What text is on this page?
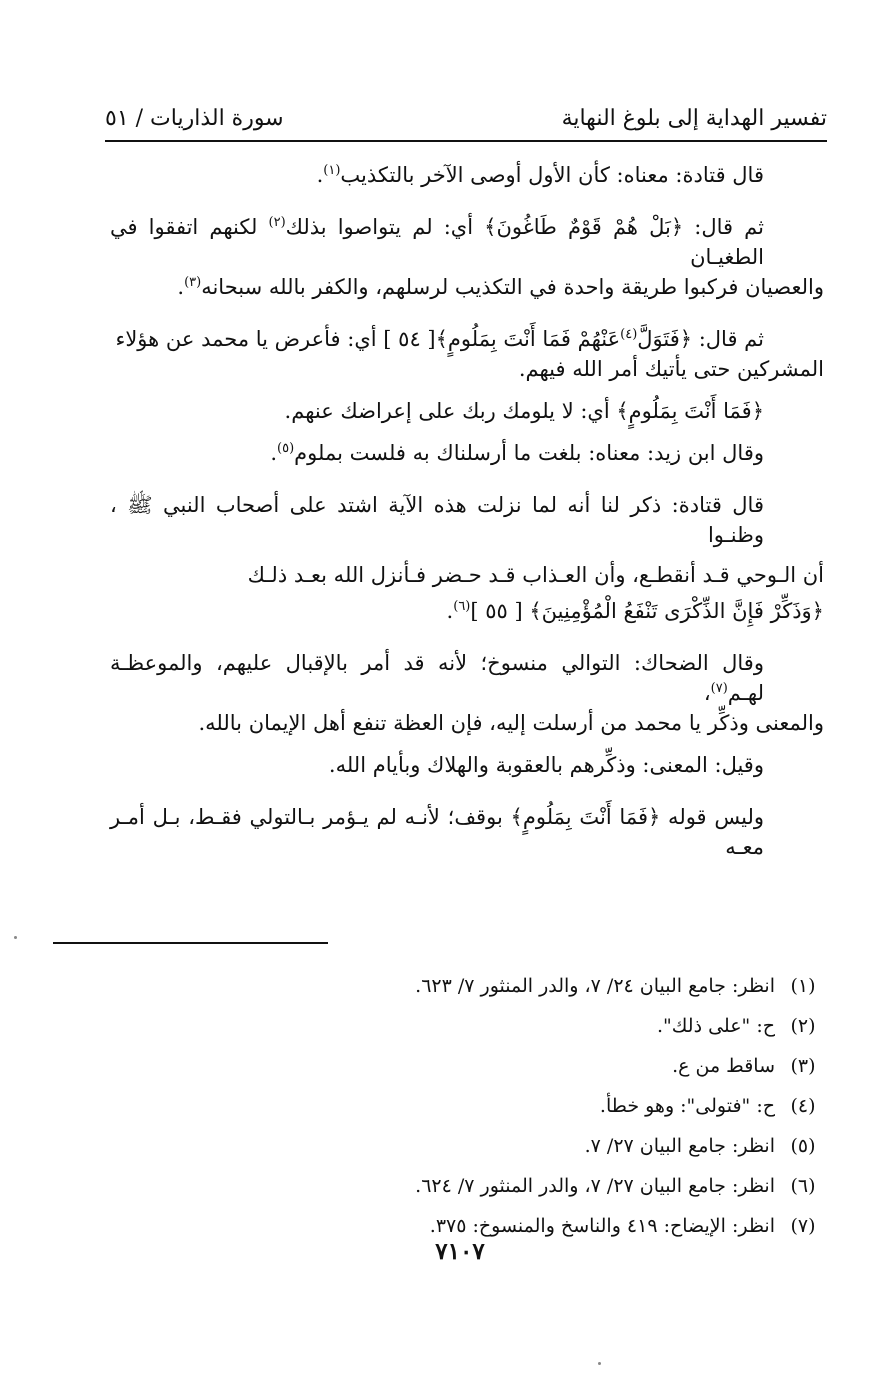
تفسير الهداية إلى بلوغ النهاية
سورة الذاريات / ٥١

قال قتادة: معناه: كأن الأول أوصى الآخر بالتكذيب$^{(١)}$.

ثم قال: ﴿بَلْ هُمْ قَوْمٌ طَاغُونَ﴾ أي: لم يتواصوا بذلك$^{(٢)}$ لكنهم اتفقوا في الطغيـان
والعصيان فركبوا طريقة واحدة في التكذيب لرسلهم، والكفر بالله سبحانه$^{(٣)}$.

ثم قال: ﴿فَتَوَلَّ$^{(٤)}$عَنْهُمْ فَمَا أَنْتَ بِمَلُومٍ﴾[ ٥٤ ] أي: فأعرض يا محمد عن هؤلاء
المشركين حتى يأتيك أمر الله فيهم.

﴿فَمَا أَنْتَ بِمَلُومٍ﴾ أي: لا يلومك ربك على إعراضك عنهم.

وقال ابن زيد: معناه: بلغت ما أرسلناك به فلست بملوم$^{(٥)}$.

قال قتادة: ذكر لنا أنه لما نزلت هذه الآية اشتد على أصحاب النبي ﷺ ، وظنـوا
أن الـوحي قـد أنقطـع، وأن العـذاب قـد حـضر فـأنزل الله بعـد ذلـك
﴿وَذَكِّرْ فَإِنَّ الذِّكْرَى تَنْفَعُ الْمُؤْمِنِينَ﴾ [ ٥٥ ]$^{(٦)}$.

وقال الضحاك: التوالي منسوخ؛ لأنه قد أمر بالإقبال عليهم، والموعظـة لهـم$^{(٧)}$،
والمعنى وذكِّر يا محمد من أرسلت إليه، فإن العظة تنفع أهل الإيمان بالله.

وقيل: المعنى: وذكِّرهم بالعقوبة والهلاك وبأيام الله.

وليس قوله ﴿فَمَا أَنْتَ بِمَلُومٍ﴾ بوقف؛ لأنـه لم يـؤمر بـالتولي فقـط، بـل أمـر معـه

(١)
انظر: جامع البيان ٢٤/ ٧، والدر المنثور ٧/ ٦٢٣.
(٢)
ح: "على ذلك".
(٣)
ساقط من ع.
(٤)
ح: "فتولى": وهو خطأ.
(٥)
انظر: جامع البيان ٢٧/ ٧.
(٦)
انظر: جامع البيان ٢٧/ ٧، والدر المنثور ٧/ ٦٢٤.
(٧)
انظر: الإيضاح: ٤١٩ والناسخ والمنسوخ: ٣٧٥.
٧١٠٧
